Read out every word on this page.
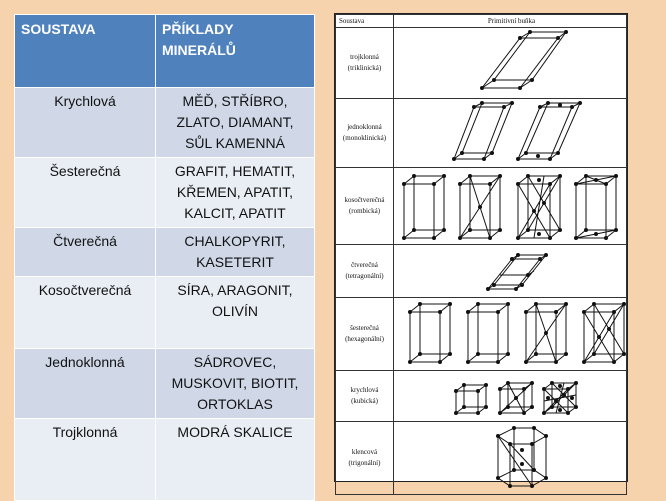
SOUSTAVA	PŘÍKLADY MINERÁLŮ
Krychlová	MĚĎ, STŘÍBRO,
ZLATO, DIAMANT,
SŮL KAMENNÁ

Šesterečná	GRAFIT, HEMATIT,
KŘEMEN, APATIT,
KALCIT, APATIT

Čtverečná	CHALKOPYRIT,
KASETERIT

Kosočtverečná	SÍRA, ARAGONIT,
OLIVÍN

Jednoklonná	SÁDROVEC,
MUSKOVIT, BIOTIT,
ORTOKLAS

Trojklonná	MODRÁ SKALICE
Soustava	Primitivní buňka

trojklonná
(triklinická)

jednoklonná
(monoklinická)

kosočtverečná
(rombická)

čtverečná
(tetragonální)

šesterečná
(hexagonální)

krychlová
(kubická)

klencová
(trigonální)
